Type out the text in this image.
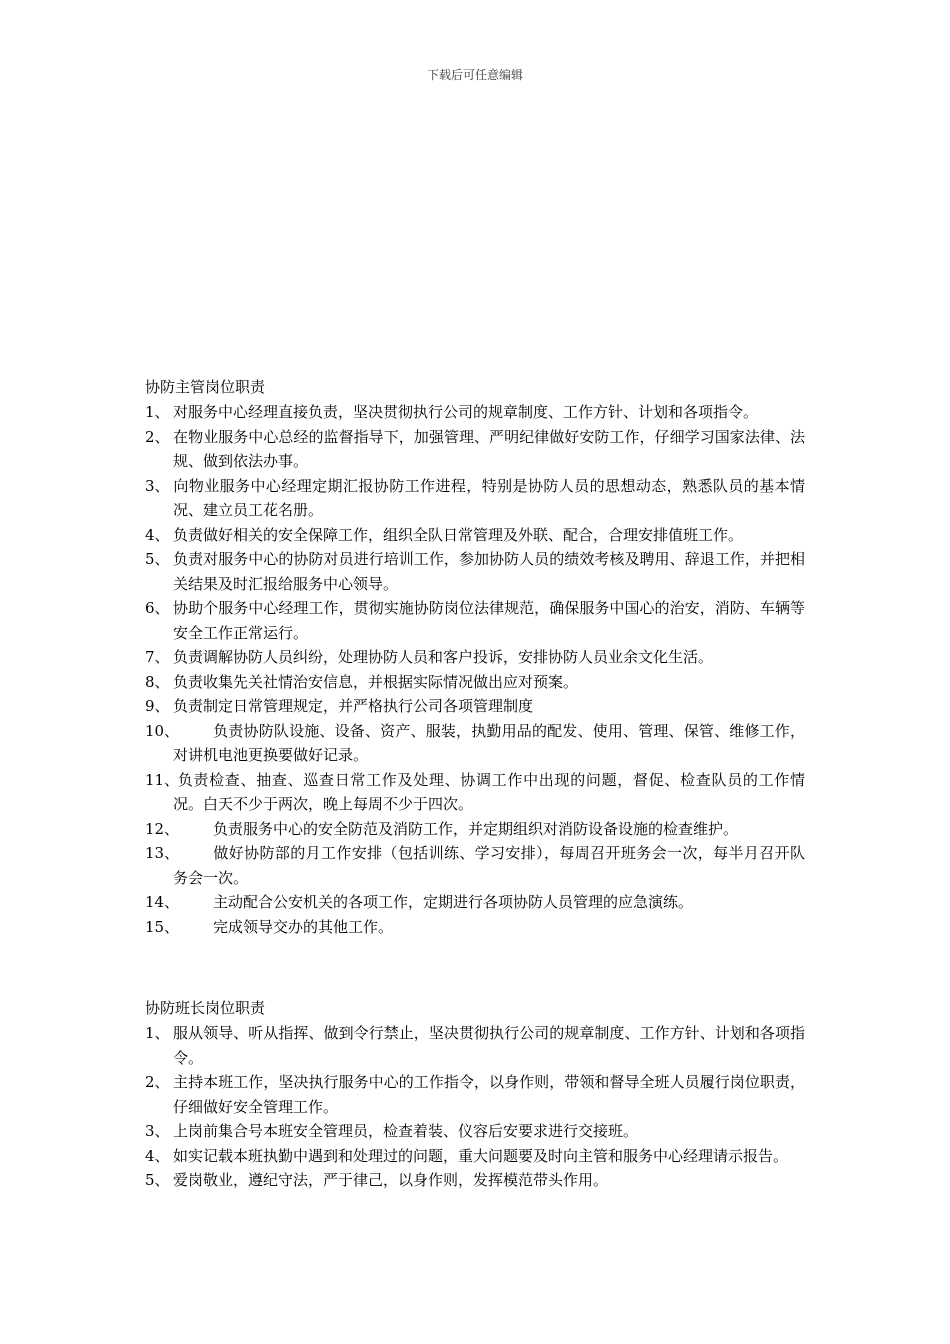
下载后可任意编辑
协防主管岗位职责
1、 对服务中心经理直接负责，坚决贯彻执行公司的规章制度、工作方针、计划和各项指令。
2、 在物业服务中心总经的监督指导下，加强管理、严明纪律做好安防工作，仔细学习国家法律、法规、做到依法办事。
3、 向物业服务中心经理定期汇报协防工作进程，特别是协防人员的思想动态，熟悉队员的基本情况、建立员工花名册。
4、 负责做好相关的安全保障工作，组织全队日常管理及外联、配合，合理安排值班工作。
5、 负责对服务中心的协防对员进行培训工作，参加协防人员的绩效考核及聘用、辞退工作，并把相关结果及时汇报给服务中心领导。
6、 协助个服务中心经理工作，贯彻实施协防岗位法律规范，确保服务中国心的治安，消防、车辆等安全工作正常运行。
7、 负责调解协防人员纠纷，处理协防人员和客户投诉，安排协防人员业余文化生活。
8、 负责收集先关社情治安信息，并根据实际情况做出应对预案。
9、 负责制定日常管理规定，并严格执行公司各项管理制度
10、 负责协防队设施、设备、资产、服装，执勤用品的配发、使用、管理、保管、维修工作，对讲机电池更换要做好记录。
11、负责检查、抽查、巡查日常工作及处理、协调工作中出现的问题，督促、检查队员的工作情况。白天不少于两次，晚上每周不少于四次。
12、 负责服务中心的安全防范及消防工作，并定期组织对消防设备设施的检查维护。
13、 做好协防部的月工作安排（包括训练、学习安排），每周召开班务会一次，每半月召开队务会一次。
14、 主动配合公安机关的各项工作，定期进行各项协防人员管理的应急演练。
15、 完成领导交办的其他工作。
协防班长岗位职责
1、 服从领导、听从指挥、做到令行禁止，坚决贯彻执行公司的规章制度、工作方针、计划和各项指令。
2、 主持本班工作，坚决执行服务中心的工作指令，以身作则，带领和督导全班人员履行岗位职责，仔细做好安全管理工作。
3、 上岗前集合号本班安全管理员，检查着装、仪容后安要求进行交接班。
4、 如实记载本班执勤中遇到和处理过的问题，重大问题要及时向主管和服务中心经理请示报告。
5、 爱岗敬业，遵纪守法，严于律己，以身作则，发挥模范带头作用。
